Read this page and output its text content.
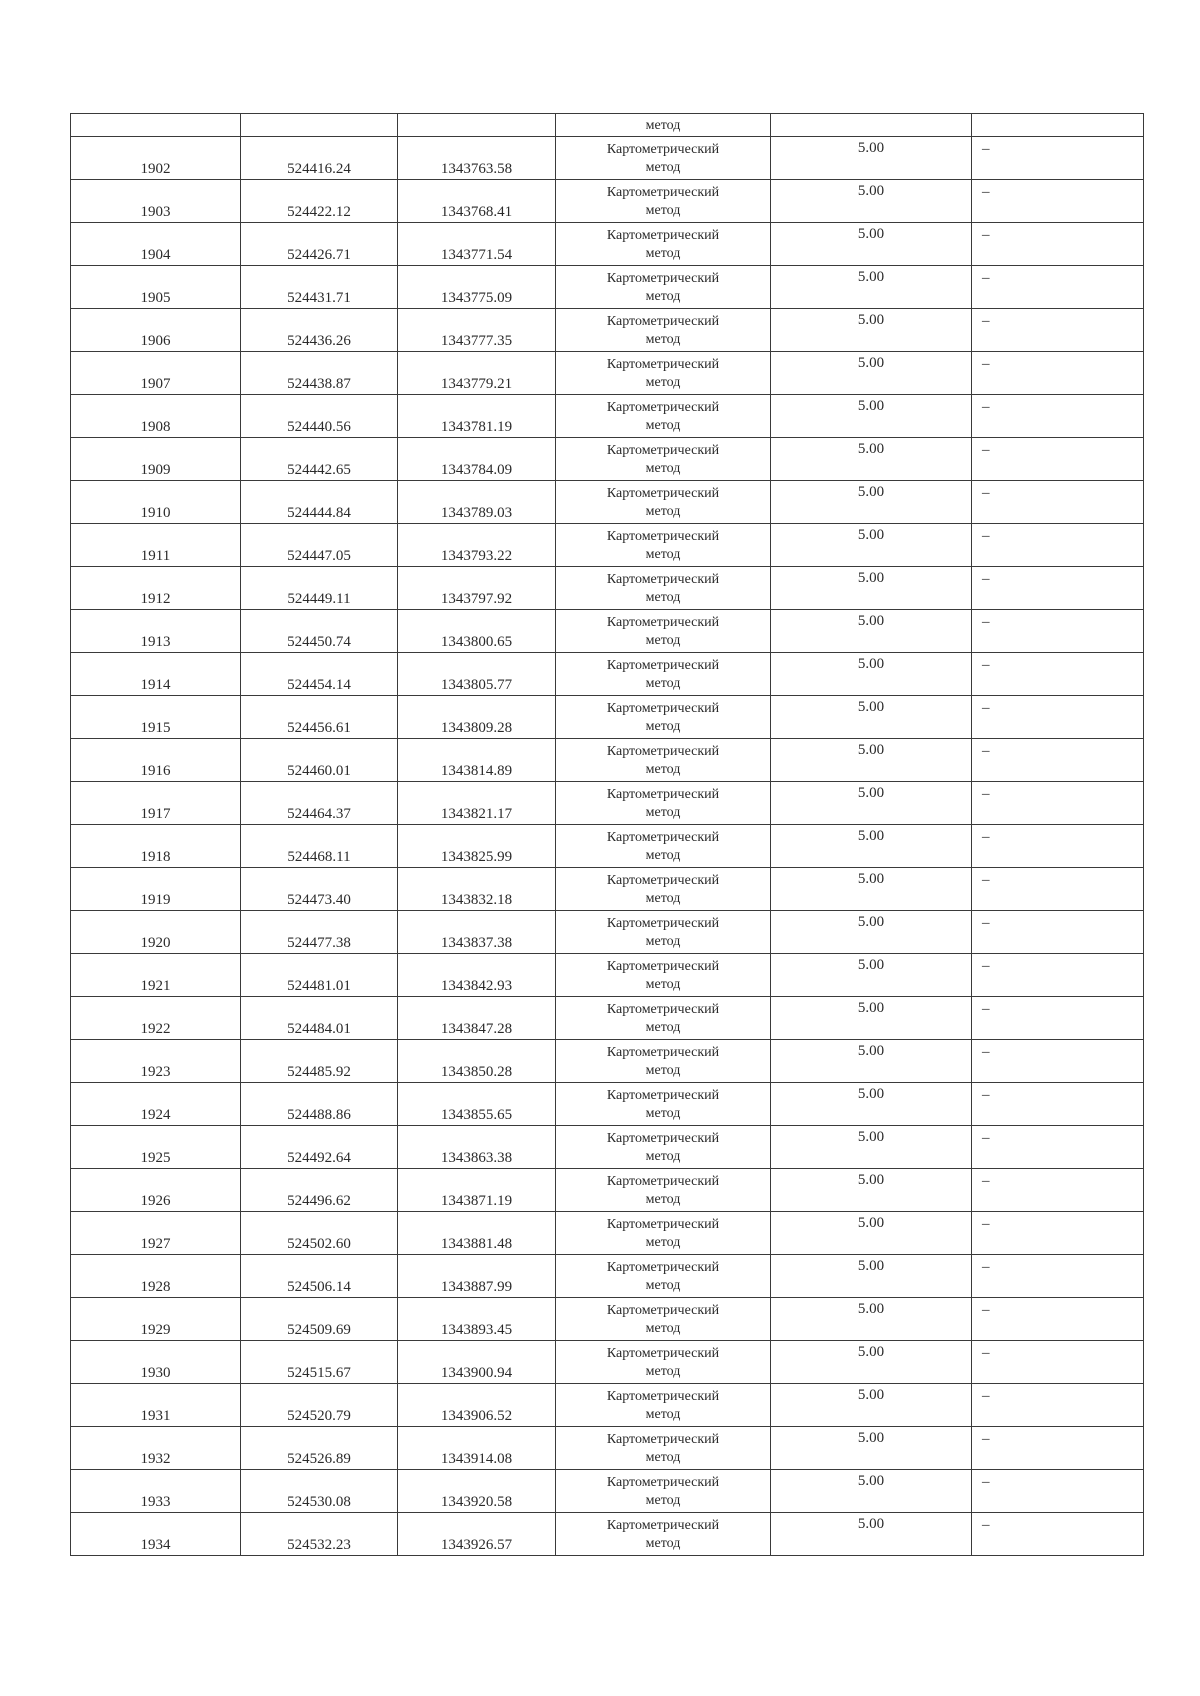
			метод		

1902	524416.24	1343763.58	Картометрический
метод	5.00	–

1903	524422.12	1343768.41	Картометрический
метод	5.00	–

1904	524426.71	1343771.54	Картометрический
метод	5.00	–

1905	524431.71	1343775.09	Картометрический
метод	5.00	–

1906	524436.26	1343777.35	Картометрический
метод	5.00	–

1907	524438.87	1343779.21	Картометрический
метод	5.00	–

1908	524440.56	1343781.19	Картометрический
метод	5.00	–

1909	524442.65	1343784.09	Картометрический
метод	5.00	–

1910	524444.84	1343789.03	Картометрический
метод	5.00	–

1911	524447.05	1343793.22	Картометрический
метод	5.00	–

1912	524449.11	1343797.92	Картометрический
метод	5.00	–

1913	524450.74	1343800.65	Картометрический
метод	5.00	–

1914	524454.14	1343805.77	Картометрический
метод	5.00	–

1915	524456.61	1343809.28	Картометрический
метод	5.00	–

1916	524460.01	1343814.89	Картометрический
метод	5.00	–

1917	524464.37	1343821.17	Картометрический
метод	5.00	–

1918	524468.11	1343825.99	Картометрический
метод	5.00	–

1919	524473.40	1343832.18	Картометрический
метод	5.00	–

1920	524477.38	1343837.38	Картометрический
метод	5.00	–

1921	524481.01	1343842.93	Картометрический
метод	5.00	–

1922	524484.01	1343847.28	Картометрический
метод	5.00	–

1923	524485.92	1343850.28	Картометрический
метод	5.00	–

1924	524488.86	1343855.65	Картометрический
метод	5.00	–

1925	524492.64	1343863.38	Картометрический
метод	5.00	–

1926	524496.62	1343871.19	Картометрический
метод	5.00	–

1927	524502.60	1343881.48	Картометрический
метод	5.00	–

1928	524506.14	1343887.99	Картометрический
метод	5.00	–

1929	524509.69	1343893.45	Картометрический
метод	5.00	–

1930	524515.67	1343900.94	Картометрический
метод	5.00	–

1931	524520.79	1343906.52	Картометрический
метод	5.00	–

1932	524526.89	1343914.08	Картометрический
метод	5.00	–

1933	524530.08	1343920.58	Картометрический
метод	5.00	–

1934	524532.23	1343926.57	Картометрический
метод	5.00	–
